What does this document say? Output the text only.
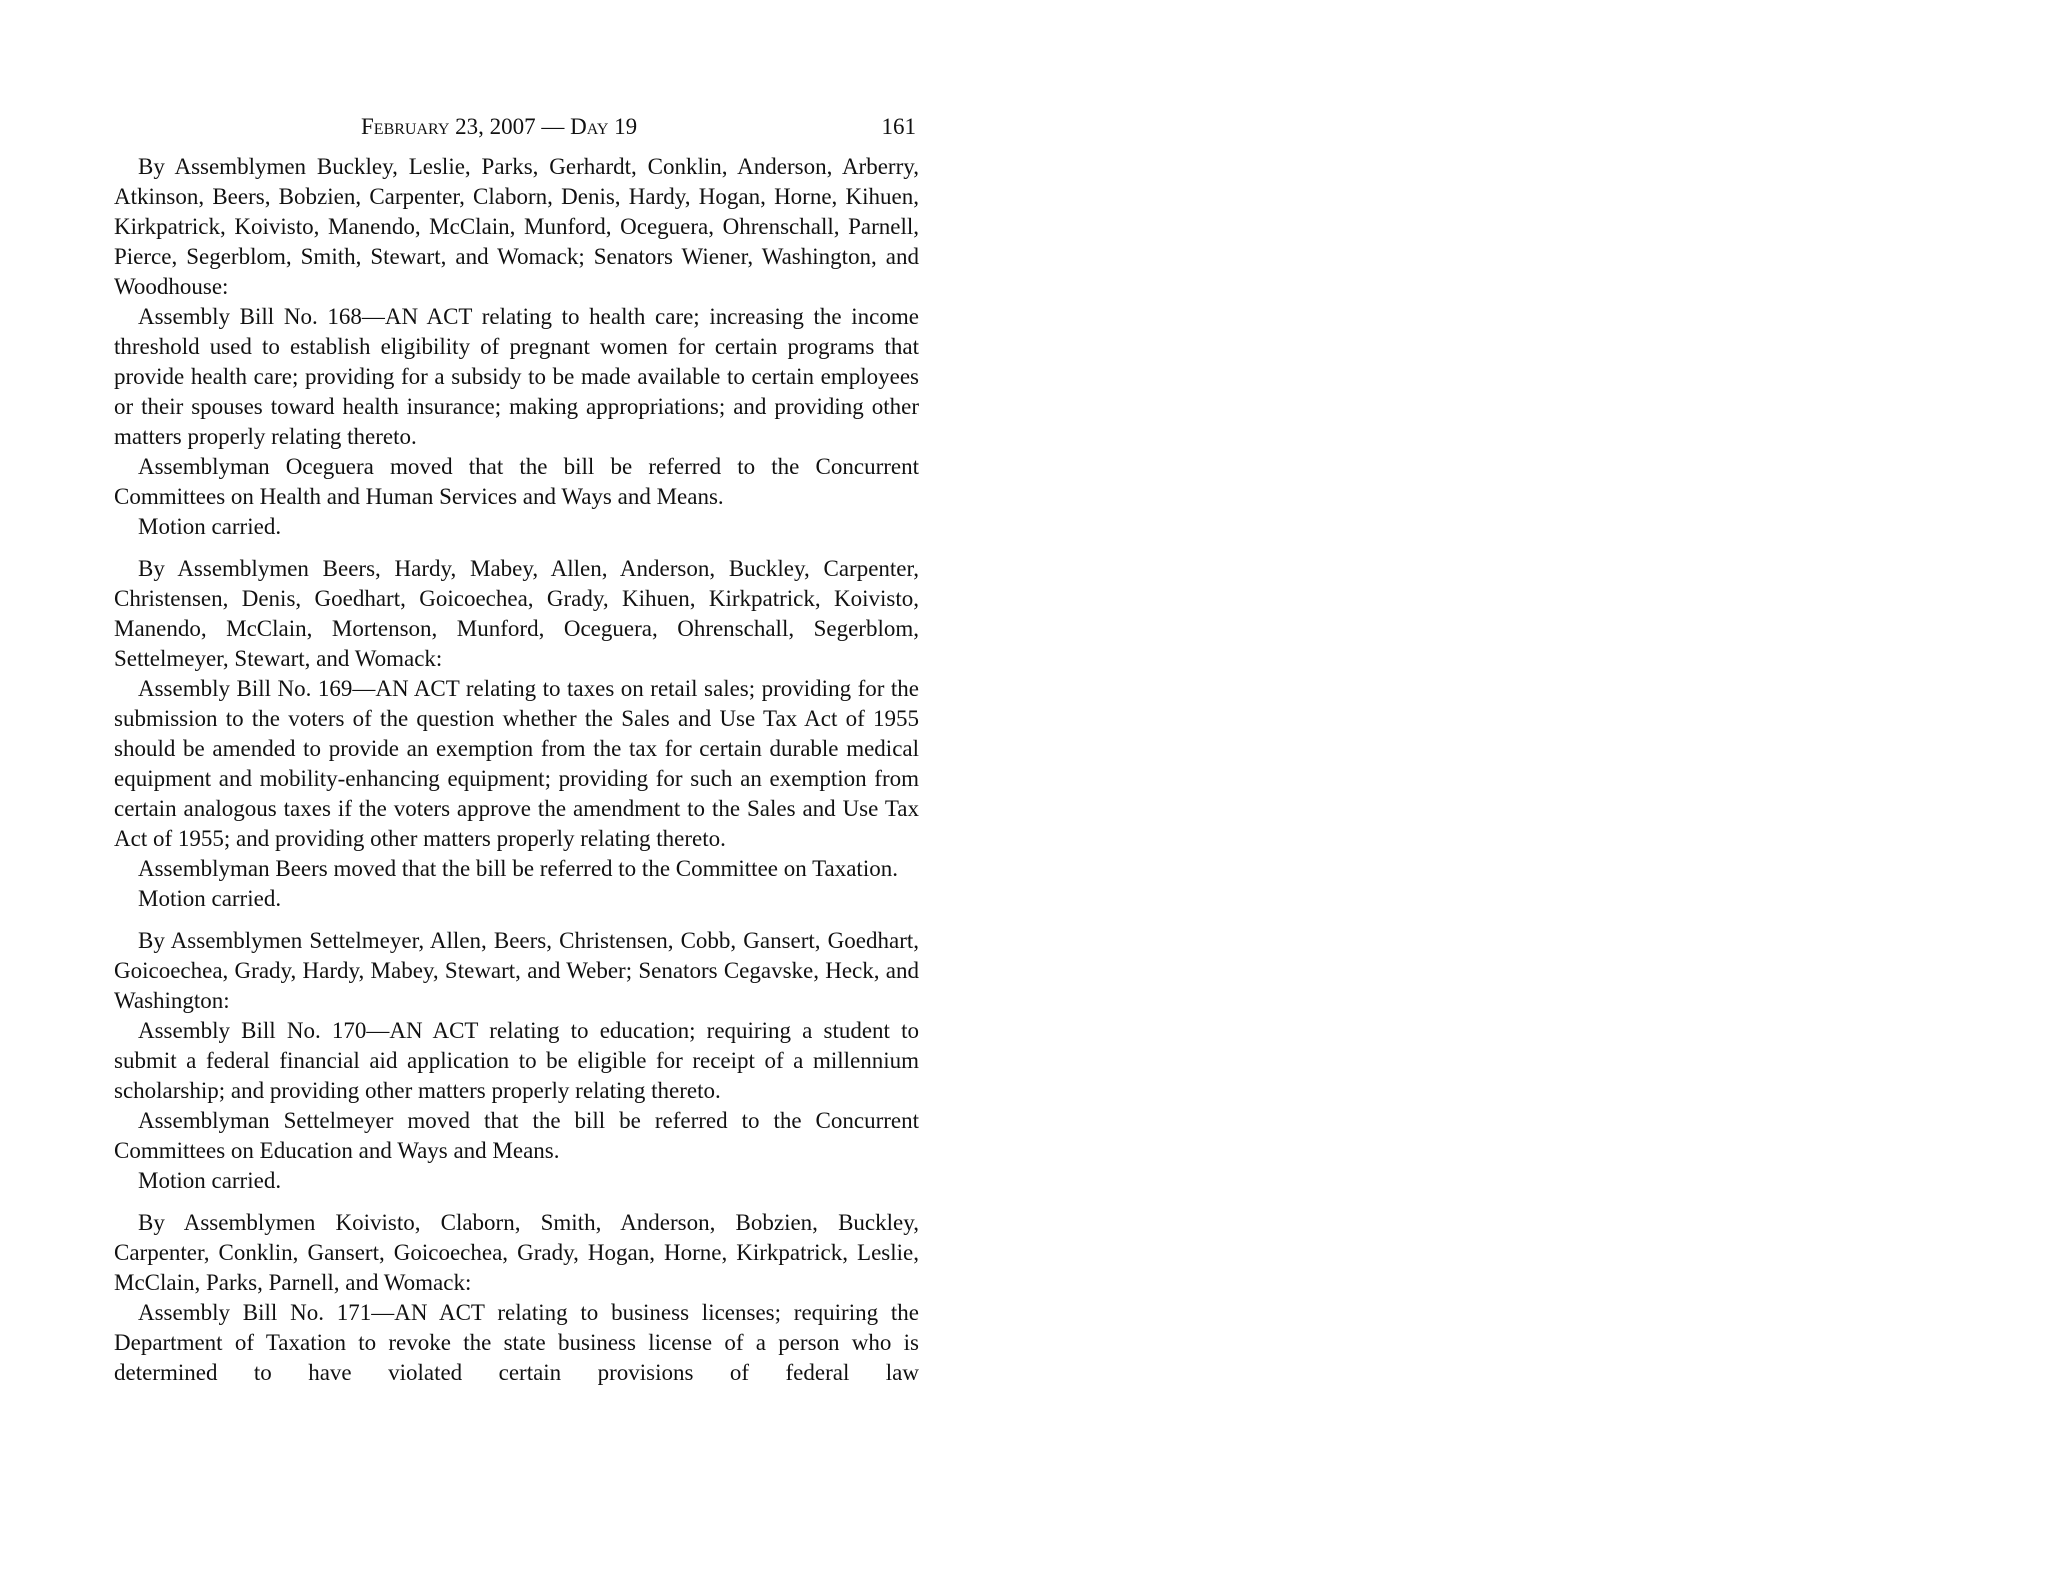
February 23, 2007 — Day 19	161

By Assemblymen Buckley, Leslie, Parks, Gerhardt, Conklin, Anderson, Arberry, Atkinson, Beers, Bobzien, Carpenter, Claborn, Denis, Hardy, Hogan, Horne, Kihuen, Kirkpatrick, Koivisto, Manendo, McClain, Munford, Oceguera, Ohrenschall, Parnell, Pierce, Segerblom, Smith, Stewart, and Womack; Senators Wiener, Washington, and Woodhouse:

Assembly Bill No. 168—AN ACT relating to health care; increasing the income threshold used to establish eligibility of pregnant women for certain programs that provide health care; providing for a subsidy to be made available to certain employees or their spouses toward health insurance; making appropriations; and providing other matters properly relating thereto.

Assemblyman Oceguera moved that the bill be referred to the Concurrent Committees on Health and Human Services and Ways and Means.

Motion carried.

By Assemblymen Beers, Hardy, Mabey, Allen, Anderson, Buckley, Carpenter, Christensen, Denis, Goedhart, Goicoechea, Grady, Kihuen, Kirkpatrick, Koivisto, Manendo, McClain, Mortenson, Munford, Oceguera, Ohrenschall, Segerblom, Settelmeyer, Stewart, and Womack:

Assembly Bill No. 169—AN ACT relating to taxes on retail sales; providing for the submission to the voters of the question whether the Sales and Use Tax Act of 1955 should be amended to provide an exemption from the tax for certain durable medical equipment and mobility-enhancing equipment; providing for such an exemption from certain analogous taxes if the voters approve the amendment to the Sales and Use Tax Act of 1955; and providing other matters properly relating thereto.

Assemblyman Beers moved that the bill be referred to the Committee on Taxation.

Motion carried.

By Assemblymen Settelmeyer, Allen, Beers, Christensen, Cobb, Gansert, Goedhart, Goicoechea, Grady, Hardy, Mabey, Stewart, and Weber; Senators Cegavske, Heck, and Washington:

Assembly Bill No. 170—AN ACT relating to education; requiring a student to submit a federal financial aid application to be eligible for receipt of a millennium scholarship; and providing other matters properly relating thereto.

Assemblyman Settelmeyer moved that the bill be referred to the Concurrent Committees on Education and Ways and Means.

Motion carried.

By Assemblymen Koivisto, Claborn, Smith, Anderson, Bobzien, Buckley, Carpenter, Conklin, Gansert, Goicoechea, Grady, Hogan, Horne, Kirkpatrick, Leslie, McClain, Parks, Parnell, and Womack:

Assembly Bill No. 171—AN ACT relating to business licenses; requiring the Department of Taxation to revoke the state business license of a person who is determined to have violated certain provisions of federal law
